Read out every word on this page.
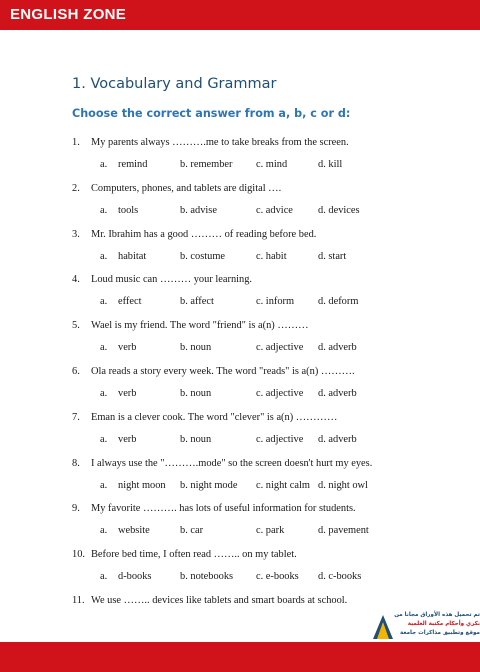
ENGLISH ZONE
1. Vocabulary and Grammar
Choose the correct answer from a, b, c or d:
1. My parents always ……….me to take breaks from the screen.
a. remind	b. remember c. mind	d. kill
2. Computers, phones, and tablets are digital ….
a. tools	b. advise	c. advice d. devices
3. Mr. Ibrahim has a good ……… of reading before bed.
a. habitat	b. costume	c. habit	d. start
4. Loud music can ……… your learning.
a. effect	b. affect	c. inform d. deform
5. Wael is my friend. The word "friend" is a(n) ………
a. verb	b. noun	c. adjective d. adverb
6. Ola reads a story every week. The word "reads" is a(n) ……….
a. verb	b. noun	c. adjective d. adverb
7. Eman is a clever cook. The word "clever" is a(n) …………
a. verb	b. noun	c. adjective d. adverb
8. I always use the "……….mode" so the screen doesn't hurt my eyes.
a. night moon b. night mode c. night calm d. night owl
9. My favorite ………. has lots of useful information for students.
a. website	b. car	c. park	d. pavement
10. Before bed time, I often read …….. on my tablet.
a. d-books	b. notebooks c. e-books d. c-books
11. We use …….. devices like tablets and smart boards at school.
تم تحميل هذه الأوراق مجانا من
نكري وأحكام مكتبة العلمية
موقع وتطبيق مذاكرات جامعة
